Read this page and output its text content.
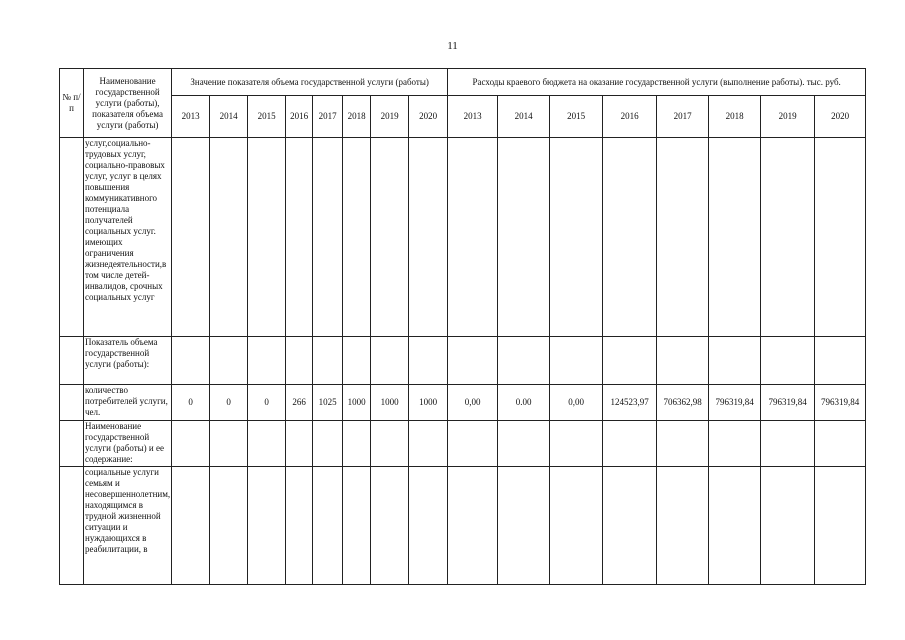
11
№ п/ п	Наименование государственной услуги (работы), показателя объема услуги (работы)	Значение показателя объема государственной услуги (работы)								Расходы краевого бюджета на оказание государственной услуги (выполнение работы). тыс. руб.							
		2013	2014	2015	2016	2017	2018	2019	2020	2013	2014	2015	2016	2017	2018	2019	2020
	услуг,социально-трудовых услуг, социально-правовых услуг, услуг в целях повышения коммуникативного потенциала получателей социальных услуг. имеющих ограничения жизнедеятельности,в том числе детей-инвалидов, срочных социальных услуг																
	Показатель объема государственной услуги (работы):																
	количество потребителей услуги, чел.	0	0	0	266	1025	1000	1000	1000	0,00	0.00	0,00	124523,97	706362,98	796319,84	796319,84	796319,84
	Наименование государственной услуги (работы) и ее содержание:																
	социальные услуги семьям и несовершеннолетним, находящимся в трудной жизненной ситуации и нуждающихся в реабилитации, в																
